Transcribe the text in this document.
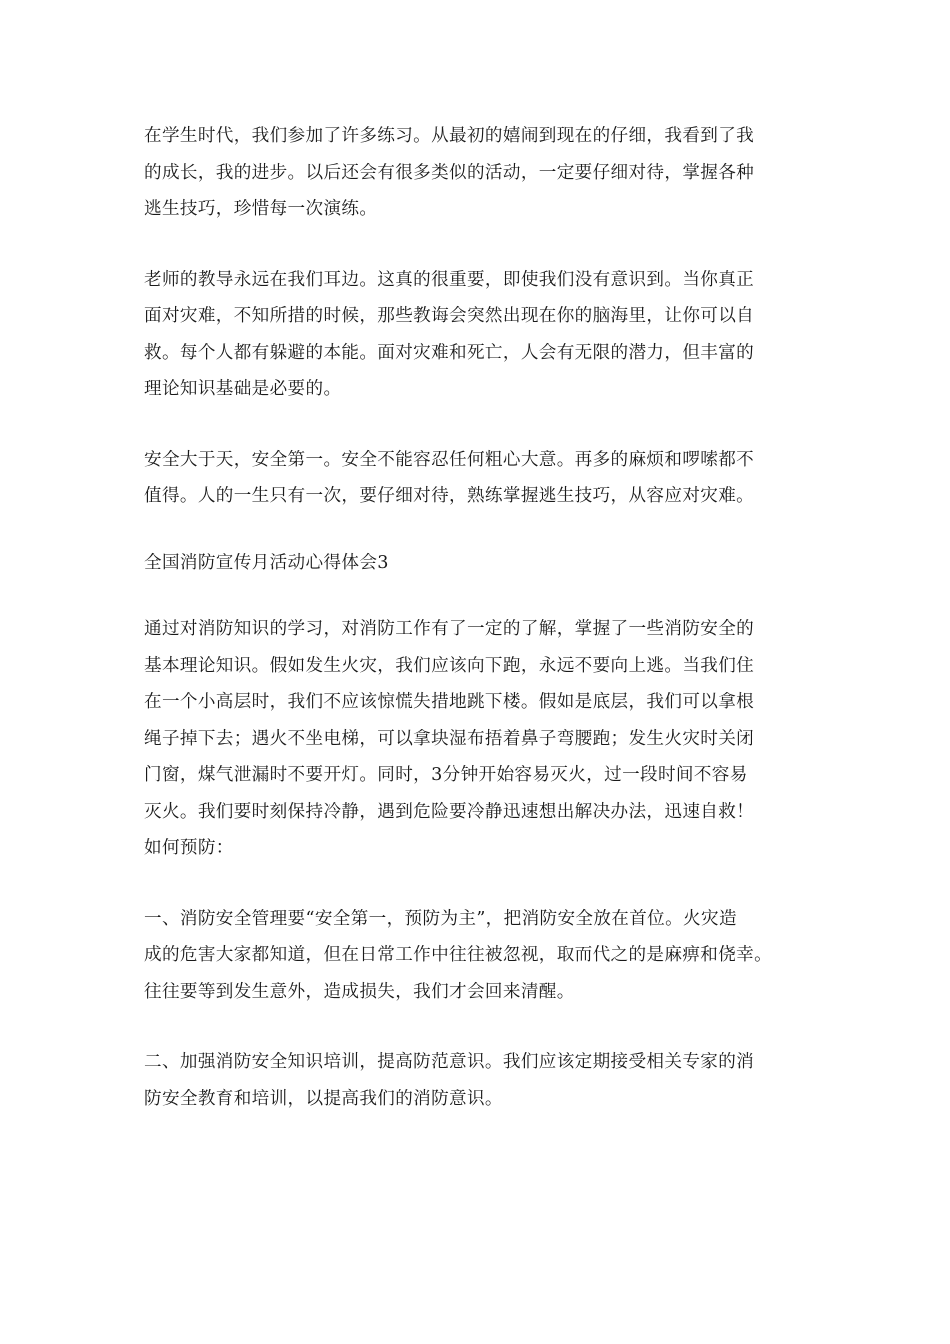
在学生时代，我们参加了许多练习。从最初的嬉闹到现在的仔细，我看到了我
的成长，我的进步。以后还会有很多类似的活动，一定要仔细对待，掌握各种
逃生技巧，珍惜每一次演练。

老师的教导永远在我们耳边。这真的很重要，即使我们没有意识到。当你真正
面对灾难，不知所措的时候，那些教诲会突然出现在你的脑海里，让你可以自
救。每个人都有躲避的本能。面对灾难和死亡，人会有无限的潜力，但丰富的
理论知识基础是必要的。

安全大于天，安全第一。安全不能容忍任何粗心大意。再多的麻烦和啰嗦都不
值得。人的一生只有一次，要仔细对待，熟练掌握逃生技巧，从容应对灾难。

全国消防宣传月活动心得体会3

通过对消防知识的学习，对消防工作有了一定的了解，掌握了一些消防安全的
基本理论知识。假如发生火灾，我们应该向下跑，永远不要向上逃。当我们住
在一个小高层时，我们不应该惊慌失措地跳下楼。假如是底层，我们可以拿根
绳子掉下去；遇火不坐电梯，可以拿块湿布捂着鼻子弯腰跑；发生火灾时关闭
门窗，煤气泄漏时不要开灯。同时，3分钟开始容易灭火，过一段时间不容易
灭火。我们要时刻保持冷静，遇到危险要冷静迅速想出解决办法，迅速自救！
如何预防：

一、消防安全管理要“安全第一，预防为主”，把消防安全放在首位。火灾造
成的危害大家都知道，但在日常工作中往往被忽视，取而代之的是麻痹和侥幸。
往往要等到发生意外，造成损失，我们才会回来清醒。

二、加强消防安全知识培训，提高防范意识。我们应该定期接受相关专家的消
防安全教育和培训，以提高我们的消防意识。
